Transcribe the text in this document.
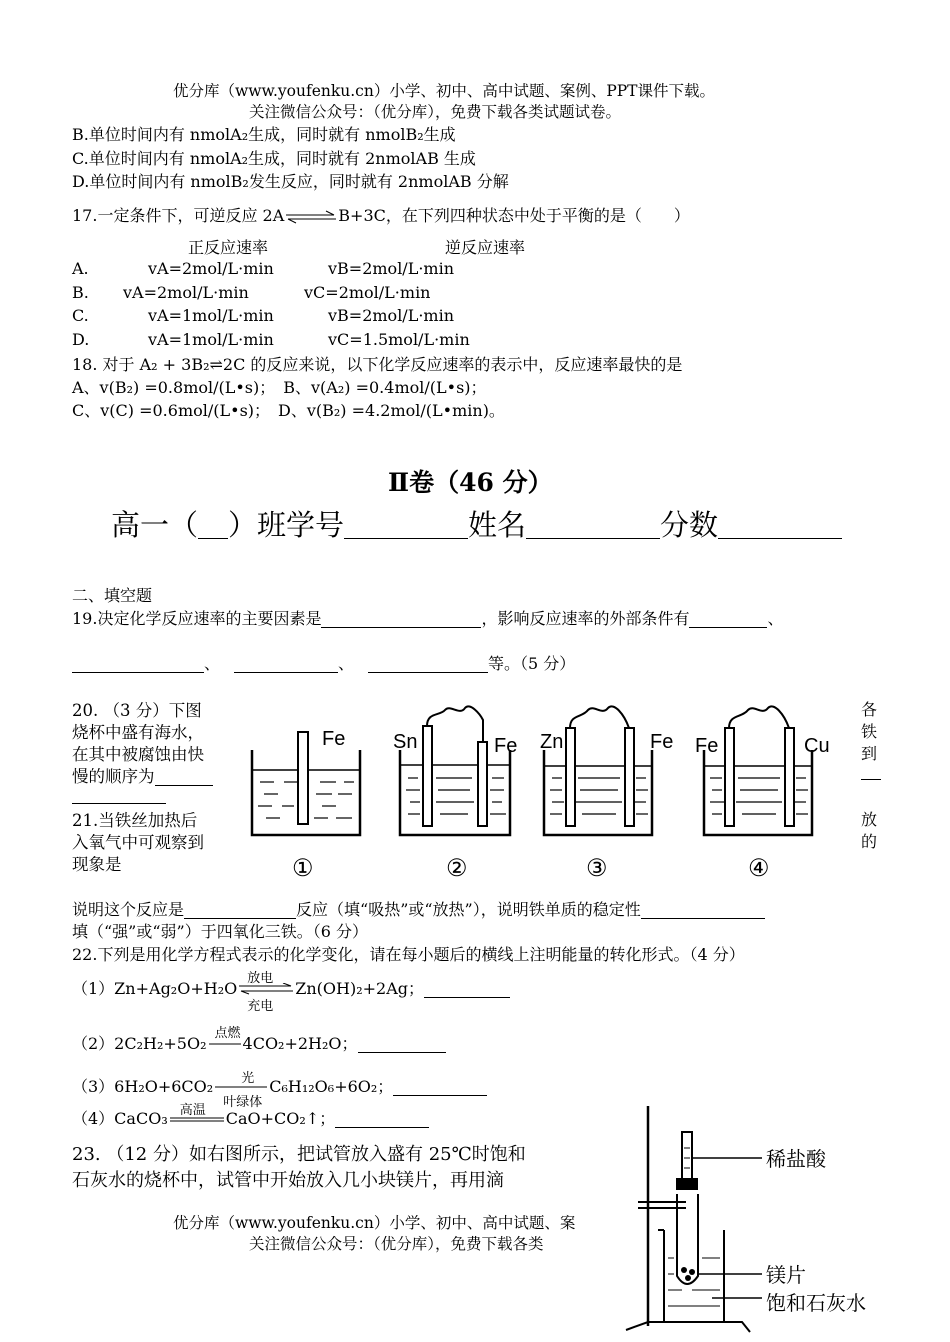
优分库（www.youfenku.cn）小学、初中、高中试题、案例、PPT课件下载。
关注微信公众号：（优分库），免费下载各类试题试卷。
B.单位时间内有 nmolA₂生成，同时就有 nmolB₂生成
C.单位时间内有 nmolA₂生成，同时就有 2nmolAB 生成
D.单位时间内有 nmolB₂发生反应，同时就有 2nmolAB 分解
17.一定条件下，可逆反应 2A⇌B+3C，在下列四种状态中处于平衡的是（　　）
正反应速率	逆反应速率
A.	vA=2mol/L·min	vB=2mol/L·min
B. vA=2mol/L·min	vC=2mol/L·min
C.	vA=1mol/L·min	vB=2mol/L·min
D.	vA=1mol/L·min	vC=1.5mol/L·min
18. 对于 A₂ + 3B₂⇌2C 的反应来说，以下化学反应速率的表示中，反应速率最快的是
A、v(B₂) =0.8mol/(L•s)；　B、v(A₂) =0.4mol/(L•s)；
C、v(C) =0.6mol/(L•s)；　D、v(B₂) =4.2mol/(L•min)。
Ⅱ卷（46 分）
高一（ ）班学号	姓名	分数
二、填空题
19.决定化学反应速率的主要因素是	，影响反应速率的外部条件有	、
、	、	等。（5 分）
20. （3 分）下图
烧杯中盛有海水，
在其中被腐蚀由快
慢的顺序为
各
铁
到
21.当铁丝加热后
入氧气中可观察到
现象是
放
的
Fe
①
Sn	Fe
②
Zn	Fe
③
Fe	Cu
④
说明这个反应是	反应（填“吸热”或“放热”），说明铁单质的稳定性
填（“强”或“弱”）于四氧化三铁。（6 分）
22.下列是用化学方程式表示的化学变化，请在每小题后的横线上注明能量的转化形式。（4 分）
（1）Zn+Ag₂O+H₂O
放电
充电
Zn(OH)₂+2Ag；
（2）2C₂H₂+5O₂
点燃
4CO₂+2H₂O；
（3）6H₂O+6CO₂ 光
叶绿体
C₆H₁₂O₆+6O₂；
（4）CaCO₃ 高温 CaO+CO₂↑；
23. （12 分）如右图所示，把试管放入盛有 25℃时饱和
石灰水的烧杯中，试管中开始放入几小块镁片，再用滴
优分库（www.youfenku.cn）小学、初中、高中试题、案
关注微信公众号：（优分库），免费下载各类
稀盐酸
镁片
饱和石灰水
